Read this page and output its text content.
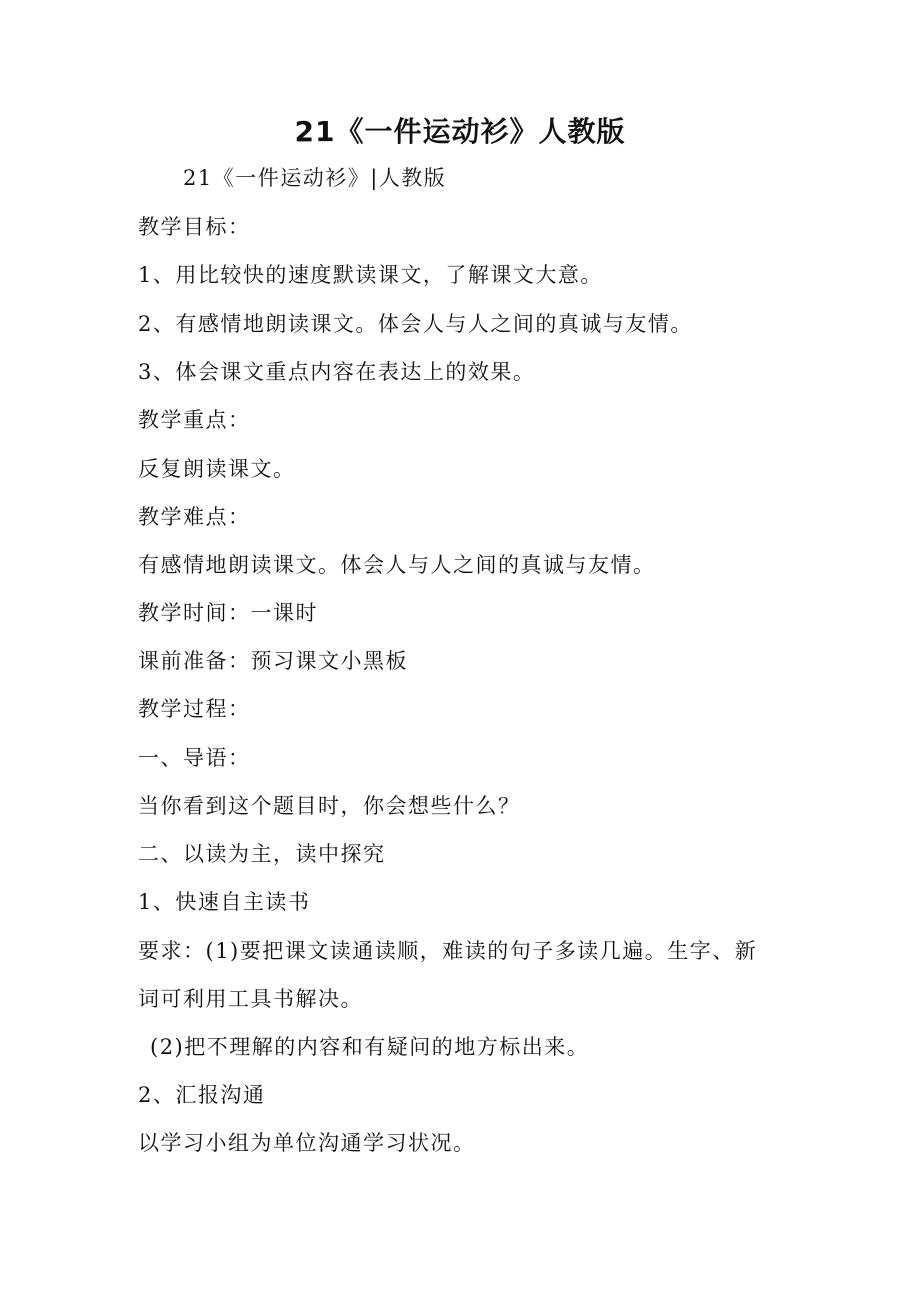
21《一件运动衫》人教版
21《一件运动衫》|人教版
教学目标：
1、用比较快的速度默读课文，了解课文大意。
2、有感情地朗读课文。体会人与人之间的真诚与友情。
3、体会课文重点内容在表达上的效果。
教学重点：
反复朗读课文。
教学难点：
有感情地朗读课文。体会人与人之间的真诚与友情。
教学时间：一课时
课前准备：预习课文小黑板
教学过程：
一、导语：
当你看到这个题目时，你会想些什么？
二、以读为主，读中探究
1、快速自主读书
要求：(1)要把课文读通读顺，难读的句子多读几遍。生字、新
词可利用工具书解决。
(2)把不理解的内容和有疑问的地方标出来。
2、汇报沟通
以学习小组为单位沟通学习状况。
